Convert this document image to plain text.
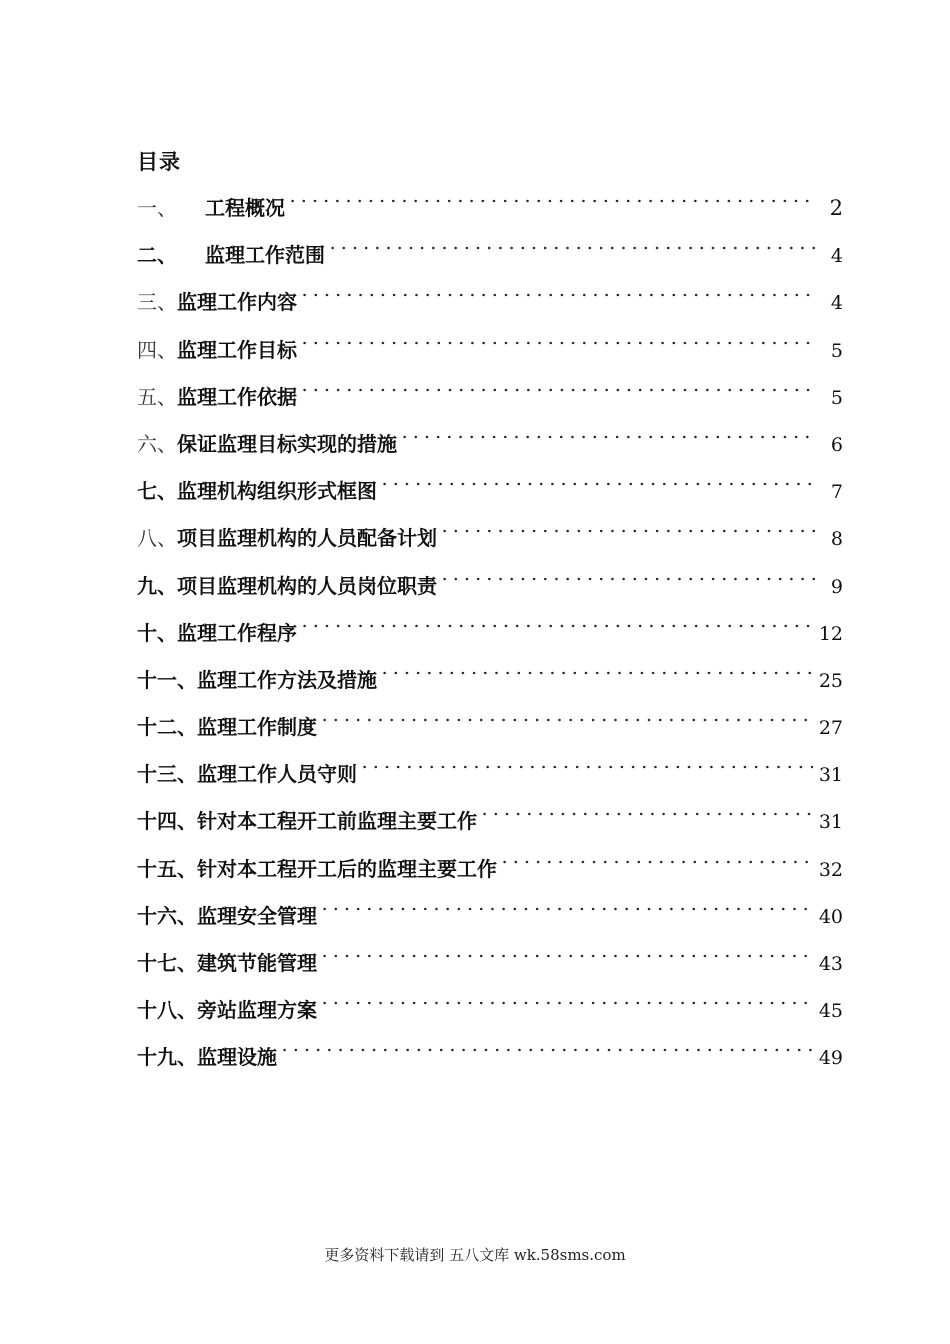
目录
一、 工程概况	2
二、 监理工作范围	4
三、 监理工作内容	4
四、 监理工作目标	5
五、 监理工作依据	5
六、 保证监理目标实现的措施	6
七、 监理机构组织形式框图	7
八、 项目监理机构的人员配备计划	8
九、 项目监理机构的人员岗位职责	9
十、 监理工作程序	12
十一、 监理工作方法及措施	25
十二、 监理工作制度	27
十三、 监理工作人员守则	31
十四、 针对本工程开工前监理主要工作	31
十五、 针对本工程开工后的监理主要工作	32
十六、 监理安全管理	40
十七、 建筑节能管理	43
十八、 旁站监理方案	45
十九、 监理设施	49
更多资料下载请到 五八文库 wk.58sms.com
